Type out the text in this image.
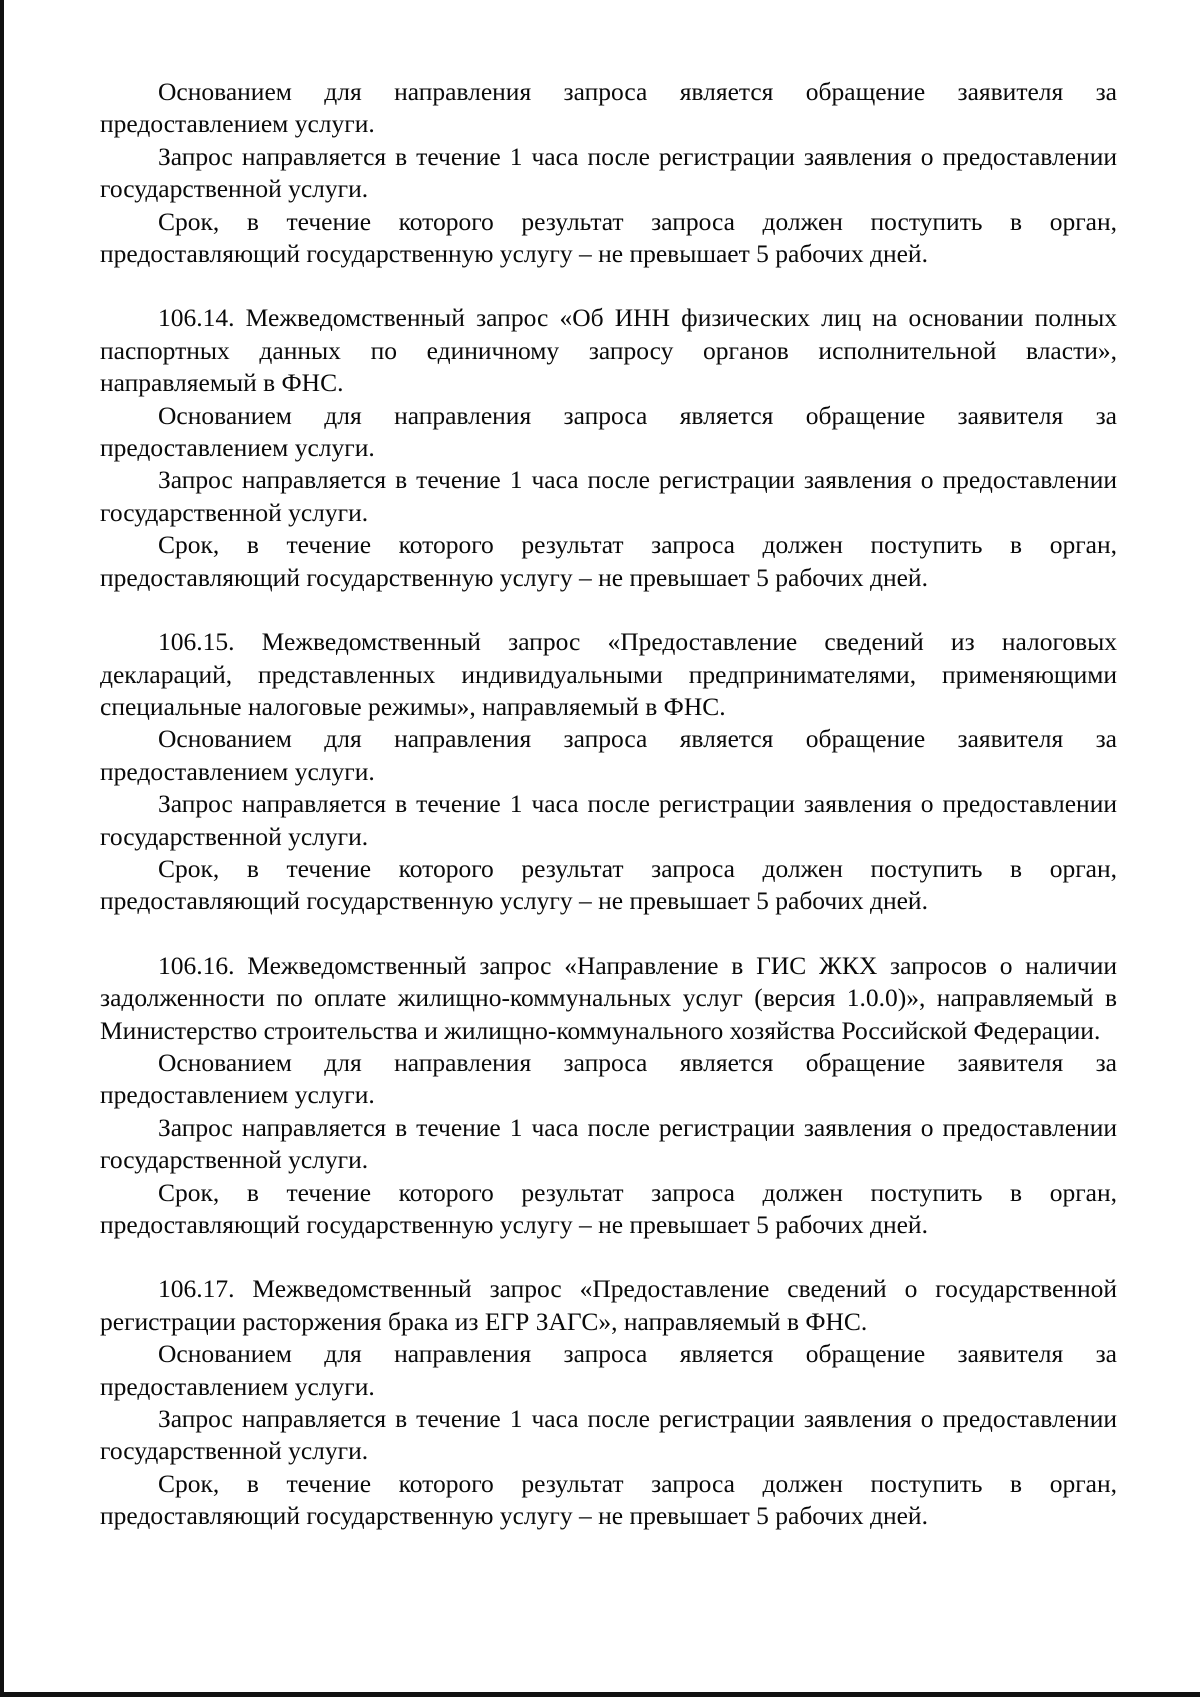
Основанием для направления запроса является обращение заявителя за предоставлением услуги.

Запрос направляется в течение 1 часа после регистрации заявления о предоставлении государственной услуги.

Срок, в течение которого результат запроса должен поступить в орган, предоставляющий государственную услугу – не превышает 5 рабочих дней.

106.14. Межведомственный запрос «Об ИНН физических лиц на основании полных паспортных данных по единичному запросу органов исполнительной власти», направляемый в ФНС.

Основанием для направления запроса является обращение заявителя за предоставлением услуги.

Запрос направляется в течение 1 часа после регистрации заявления о предоставлении государственной услуги.

Срок, в течение которого результат запроса должен поступить в орган, предоставляющий государственную услугу – не превышает 5 рабочих дней.

106.15. Межведомственный запрос «Предоставление сведений из налоговых деклараций, представленных индивидуальными предпринимателями, применяющими специальные налоговые режимы», направляемый в ФНС.

Основанием для направления запроса является обращение заявителя за предоставлением услуги.

Запрос направляется в течение 1 часа после регистрации заявления о предоставлении государственной услуги.

Срок, в течение которого результат запроса должен поступить в орган, предоставляющий государственную услугу – не превышает 5 рабочих дней.

106.16. Межведомственный запрос «Направление в ГИС ЖКХ запросов о наличии задолженности по оплате жилищно-коммунальных услуг (версия 1.0.0)», направляемый в Министерство строительства и жилищно-коммунального хозяйства Российской Федерации.

Основанием для направления запроса является обращение заявителя за предоставлением услуги.

Запрос направляется в течение 1 часа после регистрации заявления о предоставлении государственной услуги.

Срок, в течение которого результат запроса должен поступить в орган, предоставляющий государственную услугу – не превышает 5 рабочих дней.

106.17. Межведомственный запрос «Предоставление сведений о государственной регистрации расторжения брака из ЕГР ЗАГС», направляемый в ФНС.

Основанием для направления запроса является обращение заявителя за предоставлением услуги.

Запрос направляется в течение 1 часа после регистрации заявления о предоставлении государственной услуги.

Срок, в течение которого результат запроса должен поступить в орган, предоставляющий государственную услугу – не превышает 5 рабочих дней.
